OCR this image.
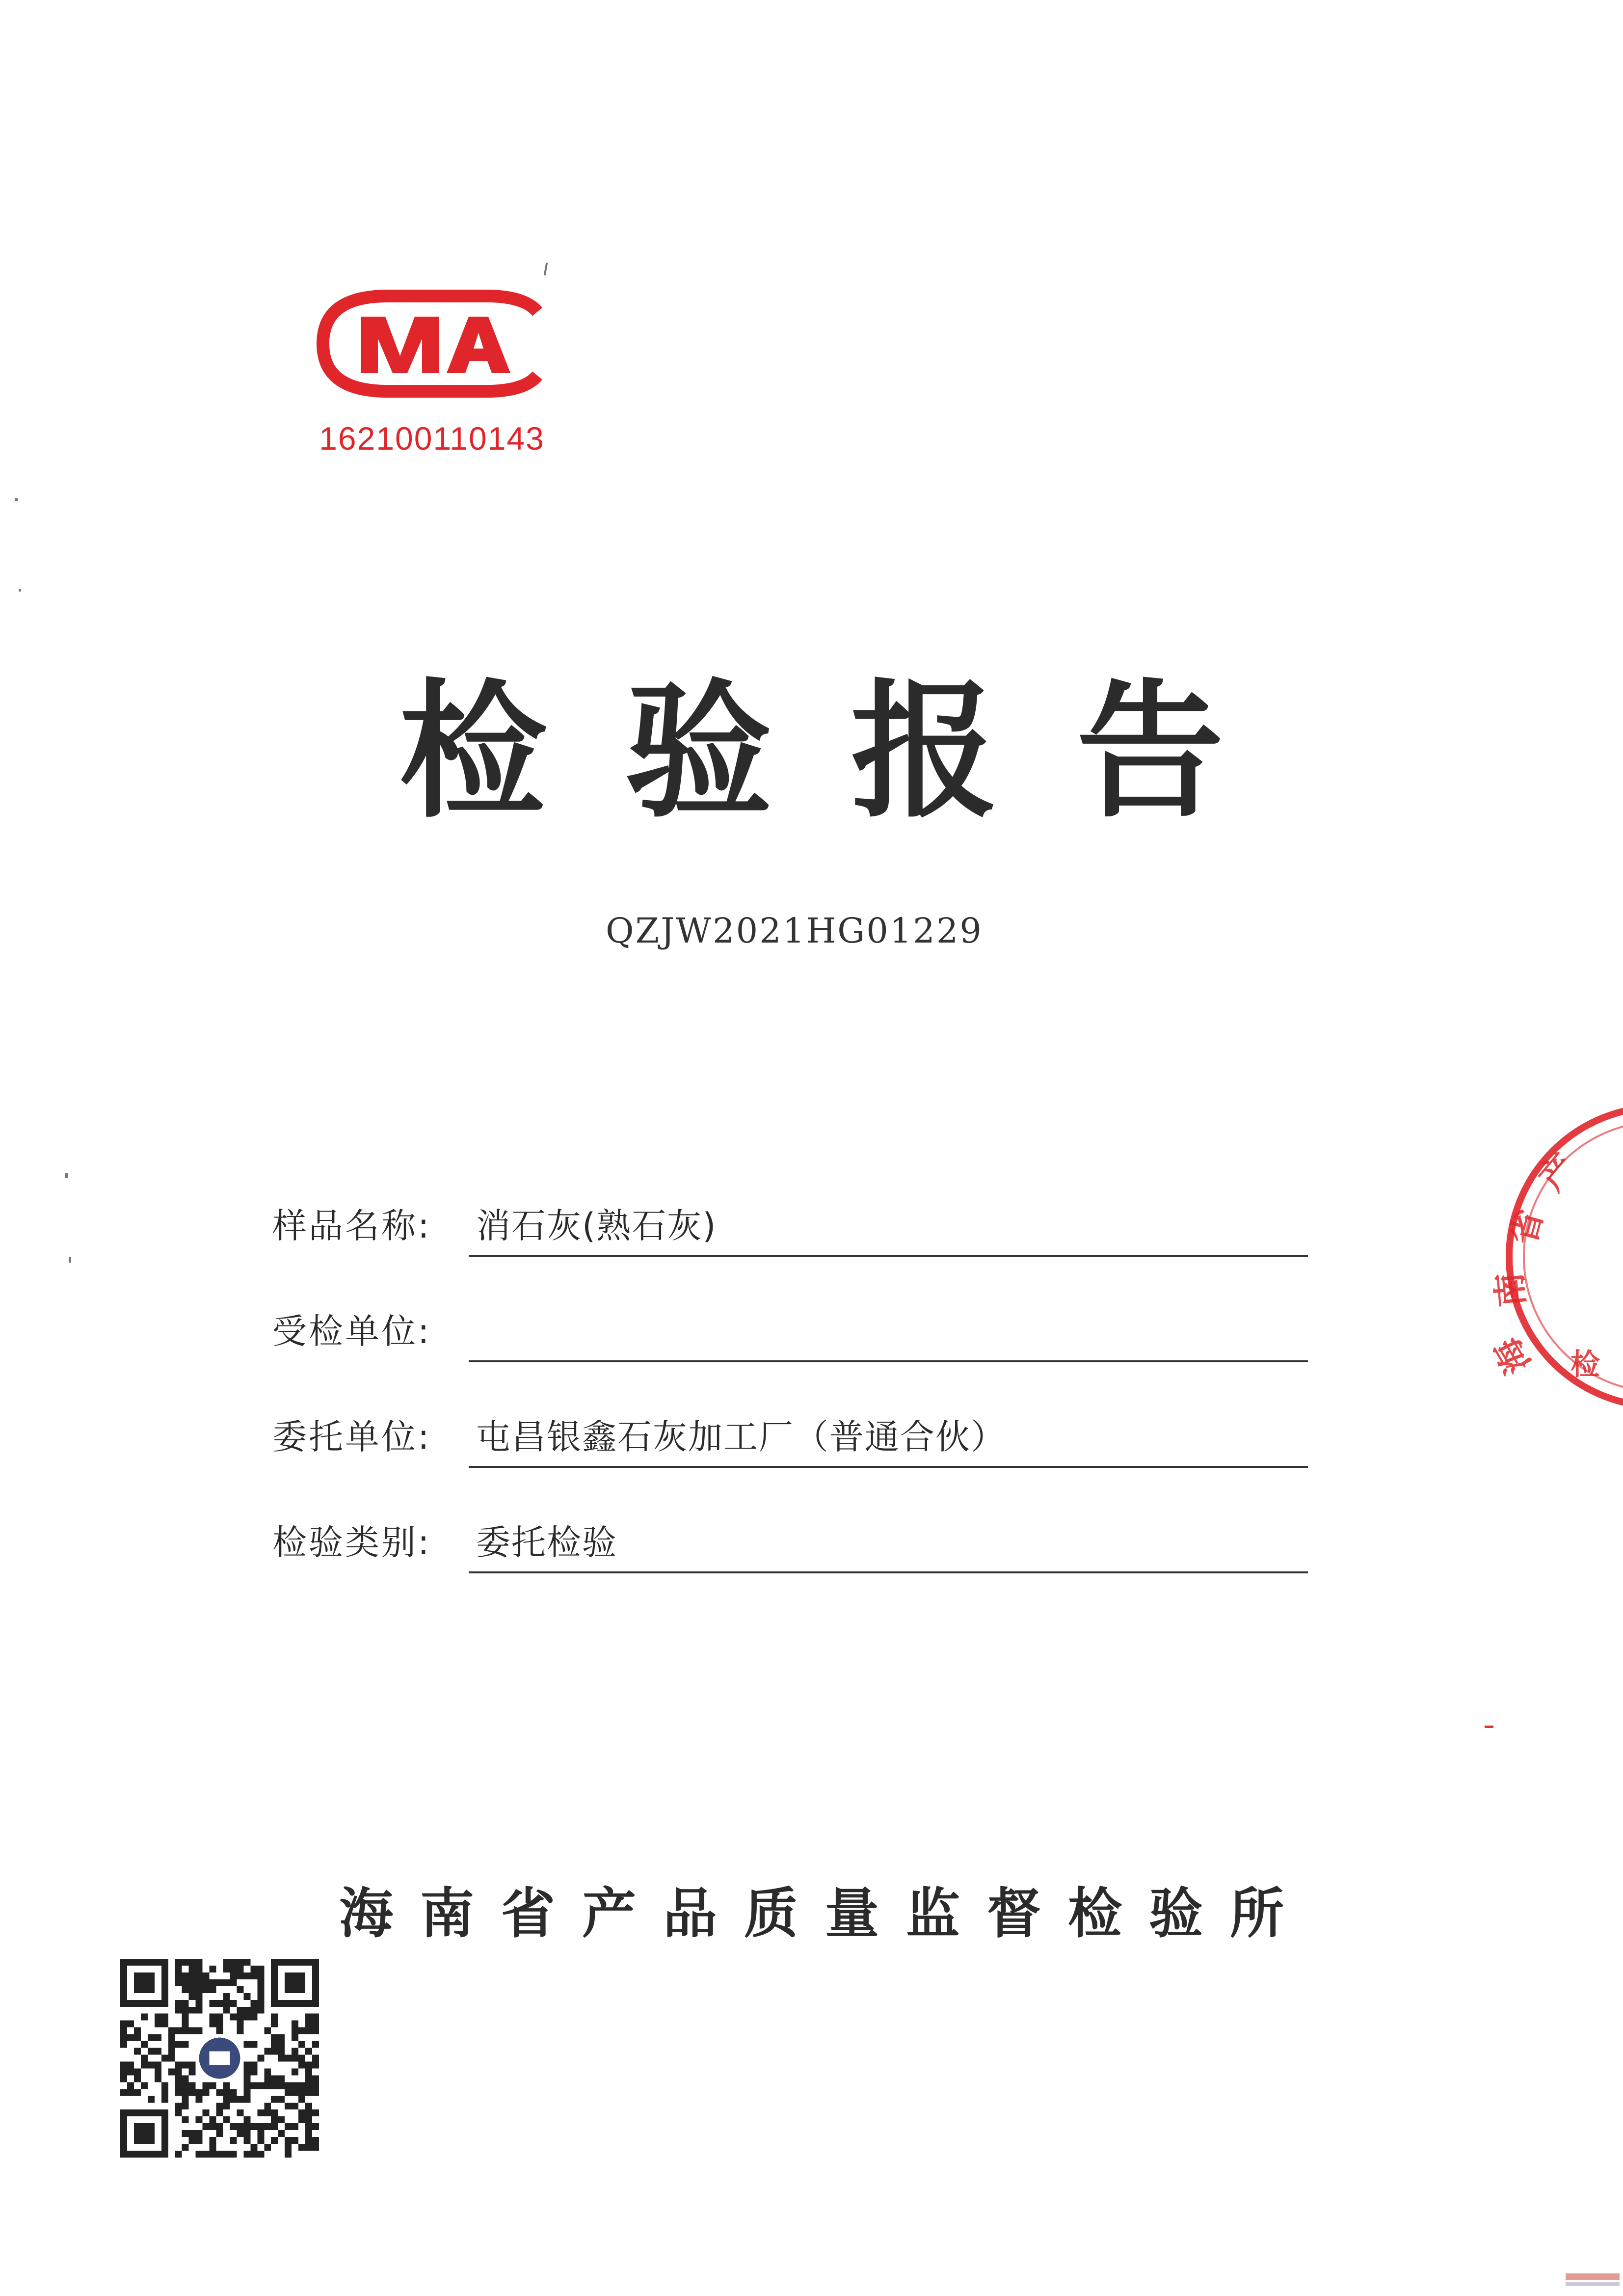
162100110143
检验报告
QZJW2021HG01229
样品名称: 消石灰(熟石灰)
受检单位:
委托单位: 屯昌银鑫石灰加工厂（普通合伙）
检验类别: 委托检验
海南省产品质量监督检验所
产
省
南
海 检
